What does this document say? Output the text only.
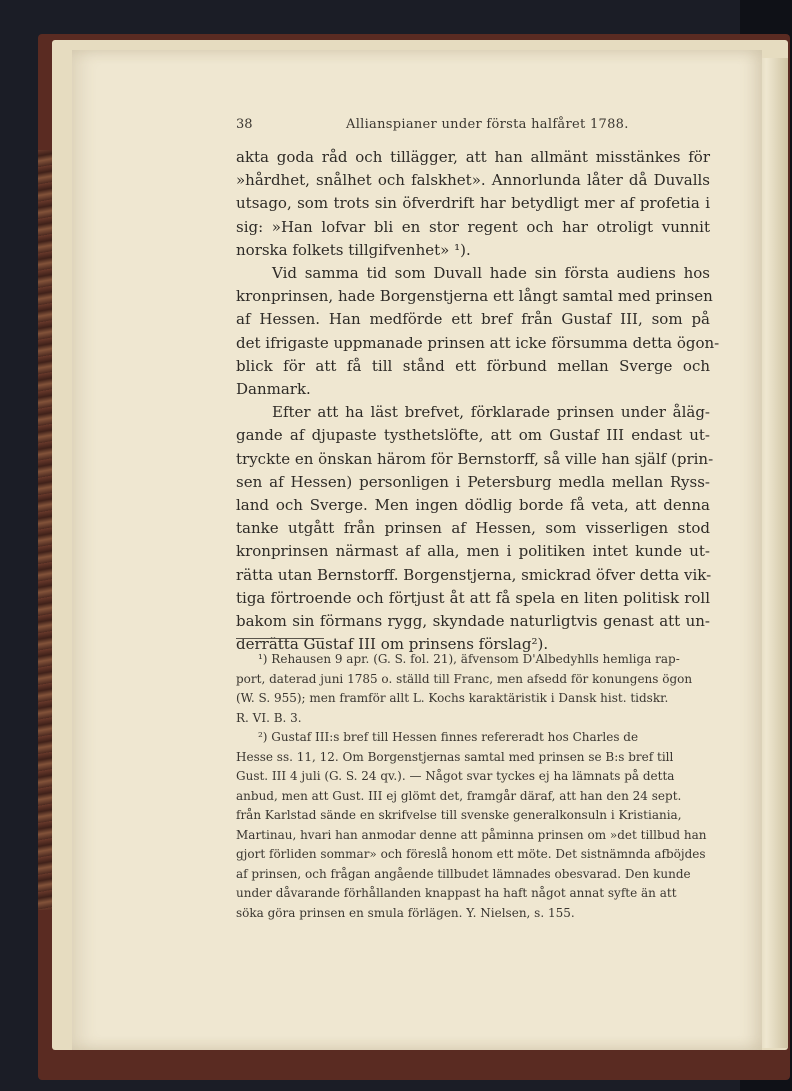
38	Allianspianer under första halfåret 1788.

akta goda råd och tillägger, att han allmänt misstänkes för
»hårdhet, snålhet och falskhet». Annorlunda låter då Duvalls
utsago, som trots sin öfverdrift har betydligt mer af profetia i
sig: »Han lofvar bli en stor regent och har otroligt vunnit
norska folkets tillgifvenhet» ¹).

Vid samma tid som Duvall hade sin första audiens hos
kronprinsen, hade Borgenstjerna ett långt samtal med prinsen
af Hessen. Han medförde ett bref från Gustaf III, som på
det ifrigaste uppmanade prinsen att icke försumma detta ögon-
blick för att få till stånd ett förbund mellan Sverge och
Danmark.

Efter att ha läst brefvet, förklarade prinsen under åläg-
gande af djupaste tysthetslöfte, att om Gustaf III endast ut-
tryckte en önskan härom för Bernstorff, så ville han själf (prin-
sen af Hessen) personligen i Petersburg medla mellan Ryss-
land och Sverge. Men ingen dödlig borde få veta, att denna
tanke utgått från prinsen af Hessen, som visserligen stod
kronprinsen närmast af alla, men i politiken intet kunde ut-
rätta utan Bernstorff. Borgenstjerna, smickrad öfver detta vik-
tiga förtroende och förtjust åt att få spela en liten politisk roll
bakom sin förmans rygg, skyndade naturligtvis genast att un-
derrätta Gustaf III om prinsens förslag²).

¹) Rehausen 9 apr. (G. S. fol. 21), äfvensom D'Albedyhlls hemliga rap-
port, daterad juni 1785 o. ställd till Franc, men afsedd för konungens ögon
(W. S. 955); men framför allt L. Kochs karaktäristik i Dansk hist. tidskr.
R. VI. B. 3.
²) Gustaf III:s bref till Hessen finnes refereradt hos Charles de
Hesse ss. 11, 12. Om Borgenstjernas samtal med prinsen se B:s bref till
Gust. III 4 juli (G. S. 24 qv.). — Något svar tyckes ej ha lämnats på detta
anbud, men att Gust. III ej glömt det, framgår däraf, att han den 24 sept.
från Karlstad sände en skrifvelse till svenske generalkonsuln i Kristiania,
Martinau, hvari han anmodar denne att påminna prinsen om »det tillbud han
gjort förliden sommar» och föreslå honom ett möte. Det sistnämnda afböjdes
af prinsen, och frågan angående tillbudet lämnades obesvarad. Den kunde
under dåvarande förhållanden knappast ha haft något annat syfte än att
söka göra prinsen en smula förlägen. Y. Nielsen, s. 155.
